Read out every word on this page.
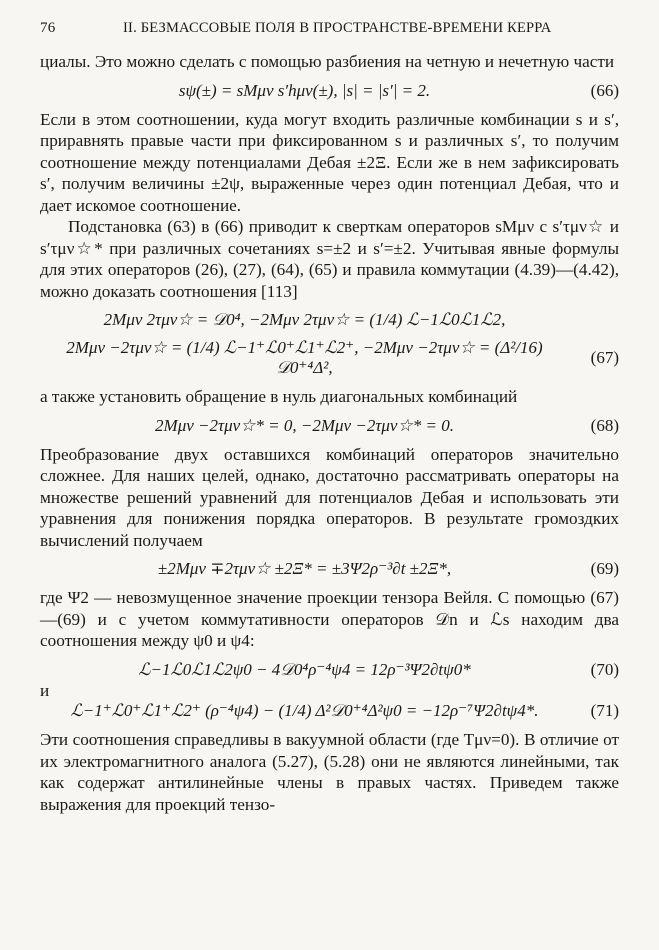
76	II. БЕЗМАССОВЫЕ ПОЛЯ В ПРОСТРАНСТВЕ-ВРЕМЕНИ КЕРРА

циалы. Это можно сделать с помощью разбиения на четную и нечетную части

sψ(±) = sMμν s′hμν(±), |s| = |s′| = 2.	(66)

Если в этом соотношении, куда могут входить различные комбинации s и s′, приравнять правые части при фиксированном s и различных s′, то получим соотношение между потенциалами Дебая ±2Ξ. Если же в нем зафиксировать s′, получим величины ±2ψ, выраженные через один потенциал Дебая, что и дает искомое соотношение.

Подстановка (63) в (66) приводит к сверткам операторов sMμν с s′τμν☆ и s′τμν☆* при различных сочетаниях s=±2 и s′=±2. Учитывая явные формулы для этих операторов (26), (27), (64), (65) и правила коммутации (4.39)—(4.42), можно доказать соотношения [113]

2Mμν 2τμν☆ = 𝒟0⁴, −2Mμν 2τμν☆ = (1/4) ℒ−1ℒ0ℒ1ℒ2,
2Mμν −2τμν☆ = (1/4) ℒ−1⁺ℒ0⁺ℒ1⁺ℒ2⁺, −2Mμν −2τμν☆ = (Δ²/16) 𝒟0⁺⁴Δ²,
(67)

а также установить обращение в нуль диагональных комбинаций

2Mμν −2τμν☆* = 0, −2Mμν −2τμν☆* = 0.	(68)

Преобразование двух оставшихся комбинаций операторов значительно сложнее. Для наших целей, однако, достаточно рассматривать операторы на множестве решений уравнений для потенциалов Дебая и использовать эти уравнения для понижения порядка операторов. В результате громоздких вычислений получаем

±2Mμν ∓2τμν☆ ±2Ξ* = ±3Ψ2ρ⁻³∂t ±2Ξ*,	(69)

где Ψ2 — невозмущенное значение проекции тензора Вейля. С помощью (67)—(69) и с учетом коммутативности операторов 𝒟n и ℒs находим два соотношения между ψ0 и ψ4:

ℒ−1ℒ0ℒ1ℒ2ψ0 − 4𝒟0⁴ρ⁻⁴ψ4 = 12ρ⁻³Ψ2∂tψ0*	(70)

и

ℒ−1⁺ℒ0⁺ℒ1⁺ℒ2⁺ (ρ⁻⁴ψ4) − (1/4) Δ²𝒟0⁺⁴Δ²ψ0 = −12ρ⁻⁷Ψ2∂tψ4*.	(71)

Эти соотношения справедливы в вакуумной области (где Tμν=0). В отличие от их электромагнитного аналога (5.27), (5.28) они не являются линейными, так как содержат антилинейные члены в правых частях. Приведем также выражения для проекций тензо-
